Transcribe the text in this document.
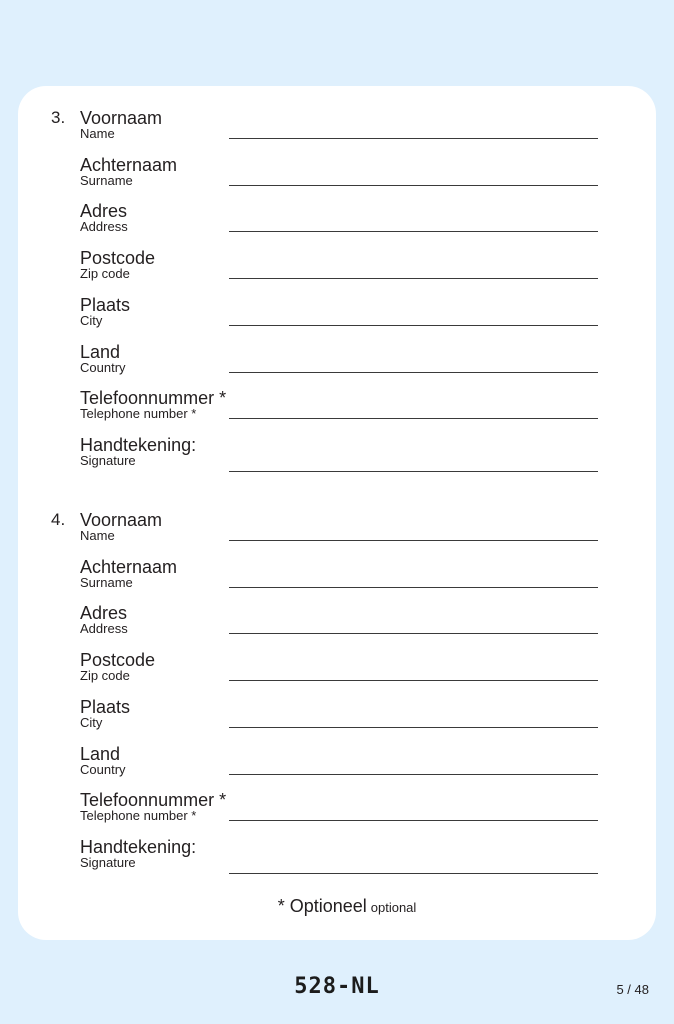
3. Voornaam
Name
Achternaam
Surname
Adres
Address
Postcode
Zip code
Plaats
City
Land
Country
Telefoonnummer *
Telephone number *
Handtekening:
Signature
4. Voornaam
Name
Achternaam
Surname
Adres
Address
Postcode
Zip code
Plaats
City
Land
Country
Telefoonnummer *
Telephone number *
Handtekening:
Signature
* Optioneel optional
528-NL	5 / 48
